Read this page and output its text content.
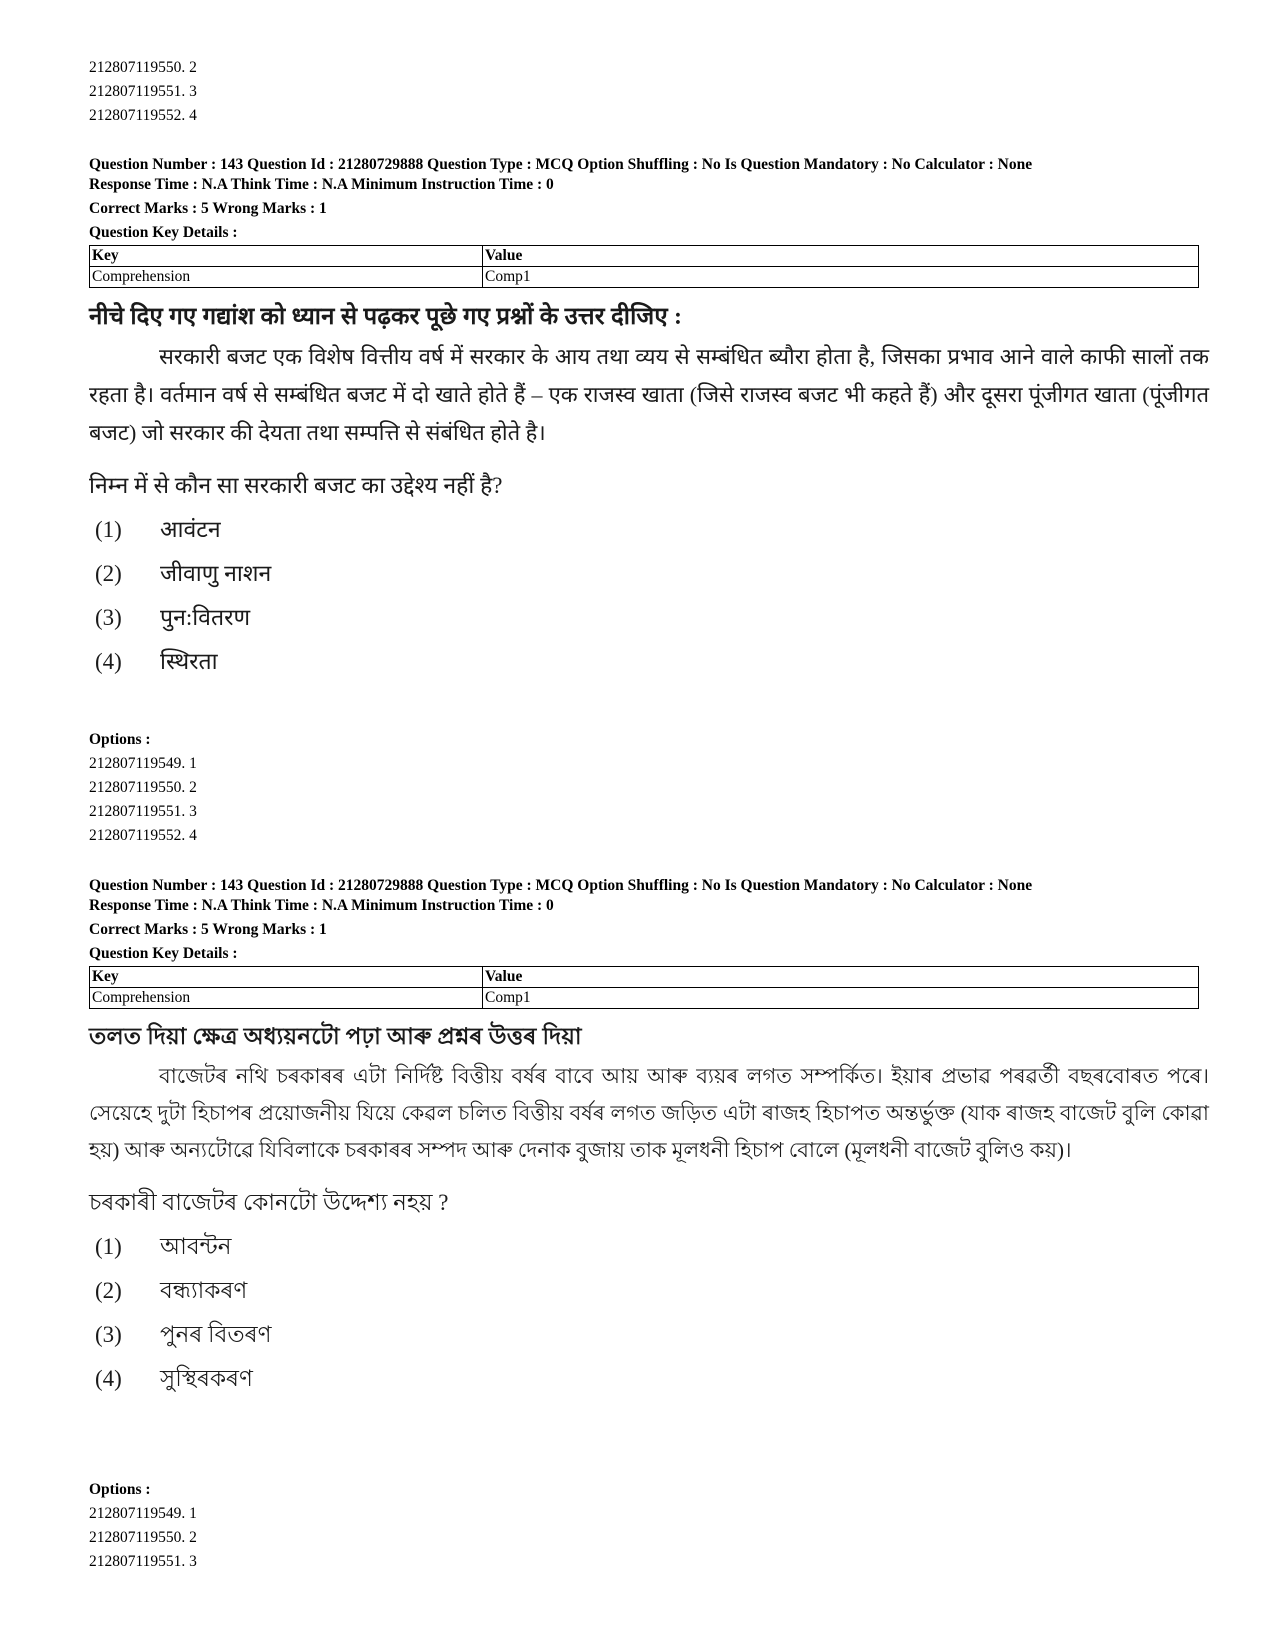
212807119550. 2
212807119551. 3
212807119552. 4
Question Number : 143 Question Id : 21280729888 Question Type : MCQ Option Shuffling : No Is Question Mandatory : No Calculator : None
Response Time : N.A Think Time : N.A Minimum Instruction Time : 0
Correct Marks : 5 Wrong Marks : 1
Question Key Details :
Key	Value
Comprehension	Comp1
नीचे दिए गए गद्यांश को ध्यान से पढ़कर पूछे गए प्रश्नों के उत्तर दीजिए :
सरकारी बजट एक विशेष वित्तीय वर्ष में सरकार के आय तथा व्यय से सम्बंधित ब्यौरा होता है, जिसका प्रभाव आने वाले काफी सालों तक रहता है। वर्तमान वर्ष से सम्बंधित बजट में दो खाते होते हैं – एक राजस्व खाता (जिसे राजस्व बजट भी कहते हैं) और दूसरा पूंजीगत खाता (पूंजीगत बजट) जो सरकार की देयता तथा सम्पत्ति से संबंधित होते है।
निम्न में से कौन सा सरकारी बजट का उद्देश्य नहीं है?
(1) आवंटन
(2) जीवाणु नाशन
(3) पुन:वितरण
(4) स्थिरता
Options :
212807119549. 1
212807119550. 2
212807119551. 3
212807119552. 4
Question Number : 143 Question Id : 21280729888 Question Type : MCQ Option Shuffling : No Is Question Mandatory : No Calculator : None
Response Time : N.A Think Time : N.A Minimum Instruction Time : 0
Correct Marks : 5 Wrong Marks : 1
Question Key Details :
Key	Value
Comprehension	Comp1
তলত দিয়া ক্ষেত্র অধ্যয়নটো পঢ়া আৰু প্ৰশ্নৰ উত্তৰ দিয়া
বাজেটৰ নথি চৰকাৰৰ এটা নিৰ্দিষ্ট বিত্তীয় বৰ্ষৰ বাবে আয় আৰু ব্যয়ৰ লগত সম্পৰ্কিত। ইয়াৰ প্ৰভাৱ পৰৱৰ্তী বছৰবোৰত পৰে। সেয়েহে দুটা হিচাপৰ প্ৰয়োজনীয় যিয়ে কেৱল চলিত বিত্তীয় বৰ্ষৰ লগত জড়িত এটা ৰাজহ হিচাপত অন্তৰ্ভুক্ত (যাক ৰাজহ বাজেট বুলি কোৱা হয়) আৰু অন্যটোৱে যিবিলাকে চৰকাৰৰ সম্পদ আৰু দেনাক বুজায় তাক মূলধনী হিচাপ বোলে (মূলধনী বাজেট বুলিও কয়)।
চৰকাৰী বাজেটৰ কোনটো উদ্দেশ্য নহয় ?
(1) আবন্টন
(2) বন্ধ্যাকৰণ
(3) পুনৰ বিতৰণ
(4) সুস্থিৰকৰণ
Options :
212807119549. 1
212807119550. 2
212807119551. 3
